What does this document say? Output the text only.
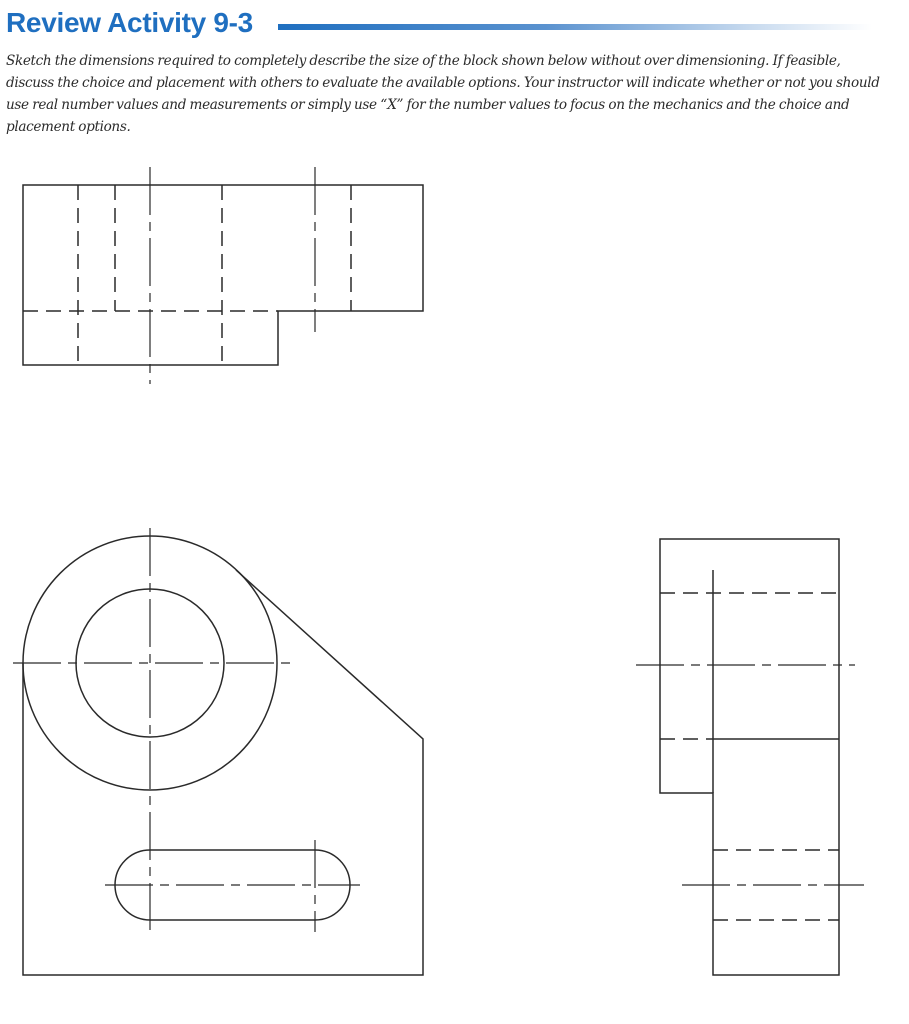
Review Activity 9-3
Sketch the dimensions required to completely describe the size of the block shown below without over dimensioning. If feasible, discuss the choice and placement with others to evaluate the available options. Your instructor will indicate whether or not you should use real number values and measurements or simply use “X” for the number values to focus on the mechanics and the choice and placement options.
